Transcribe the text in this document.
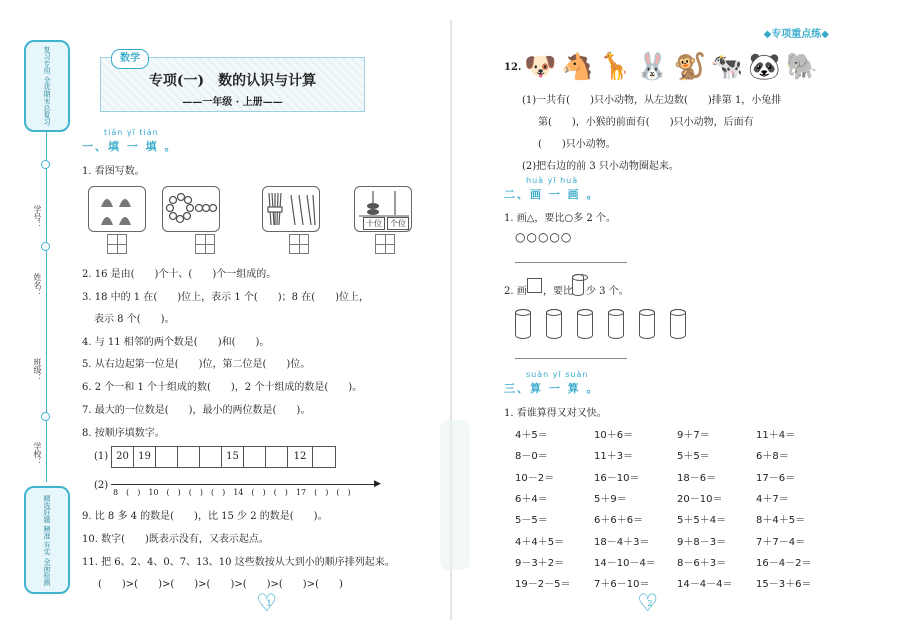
复习专用 全优期末总复习
学号：
姓名：
班级：
学校：
精选好题 精准 夯实 全面检测
专项(一)　数的认识与计算
——一年级 · 上册——
数学
tián yī tián
一、填 一 填 。
1. 看图写数。
十位	个位
2. 16 是由(　　)个十、(　　)个一组成的。
3. 18 中的 1 在(　　)位上，表示 1 个(　　)；8 在(　　)位上，
表示 8 个(　　)。
4. 与 11 相邻的两个数是(　　)和(　　)。
5. 从右边起第一位是(　　)位，第二位是(　　)位。
6. 2 个一和 1 个十组成的数(　　)，2 个十组成的数是(　　)。
7. 最大的一位数是(　　)，最小的两位数是(　　)。
8. 按顺序填数字。
(1) 20 19	15	12
(2)	▶
8　(　)　10　(　)　(　)　(　)　14　(　)　(　)　17　(　)　(　)
9. 比 8 多 4 的数是(　　)，比 15 少 2 的数是(　　)。
10. 数字(　　)既表示没有，又表示起点。
11. 把 6、2、4、0、7、13、10 这些数按从大到小的顺序排列起来。
(　　)>(　　)>(　　)>(　　)>(　　)>(　　)>(　　)
♡ 1
◆专项重点练◆
12. 🐶 🐴 🦒 🐰 🐒 🐄 🐼 🐘
(1)一共有(　　)只小动物，从左边数(　　)排第 1，小兔排
第(　　)，小猴的前面有(　　)只小动物，后面有
(　　)只小动物。
(2)把右边的前 3 只小动物圈起来。
huà yī huà
二、画 一 画 。
1. 画△，要比○多 2 个。
○○○○○
2. 画 ，要比 少 3 个。
suàn yī suàn
三、算 一 算 。
1. 看谁算得又对又快。
4＋5＝	10＋6＝	9＋7＝	11＋4＝
8－0＝	11＋3＝	5＋5＝	6＋8＝
10－2＝	16－10＝	18－6＝	17－6＝
6＋4＝	5＋9＝	20－10＝	4＋7＝
5－5＝	6＋6＋6＝	5＋5＋4＝	8＋4＋5＝
4＋4＋5＝	18－4＋3＝	9＋8－3＝	7＋7－4＝
9－3＋2＝	14－10－4＝ 8－6＋3＝	16－4－2＝
19－2－5＝ 7＋6－10＝	14－4－4＝ 15－3＋6＝
♡ 2
